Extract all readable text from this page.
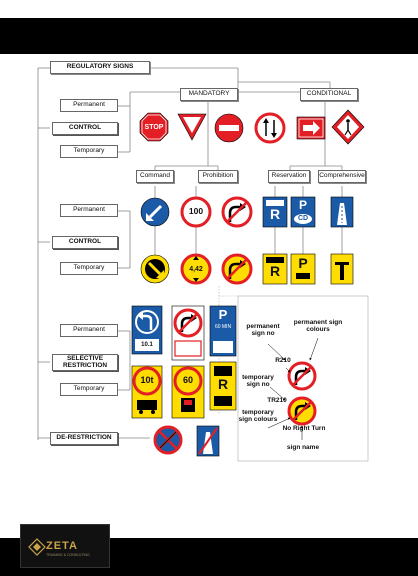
STOP
100
4,42
R
P
CD
R	P
10t	60
P
60 MIN
R
10.1
REGULATORY SIGNS
MANDATORY	CONDITIONAL
Permanent
CONTROL
Temporary
Command	Prohibition	Reservation	Comprehensive
Permanent
CONTROL
Temporary
Permanent
SELECTIVE RESTRICTION
Temporary
DE-RESTRICTION
permanent sign no
permanent sign colours
R210
temporary sign no
TR210
temporary sign colours
No Right Turn
sign name
ZETA
TRAINING & CONSULTING
